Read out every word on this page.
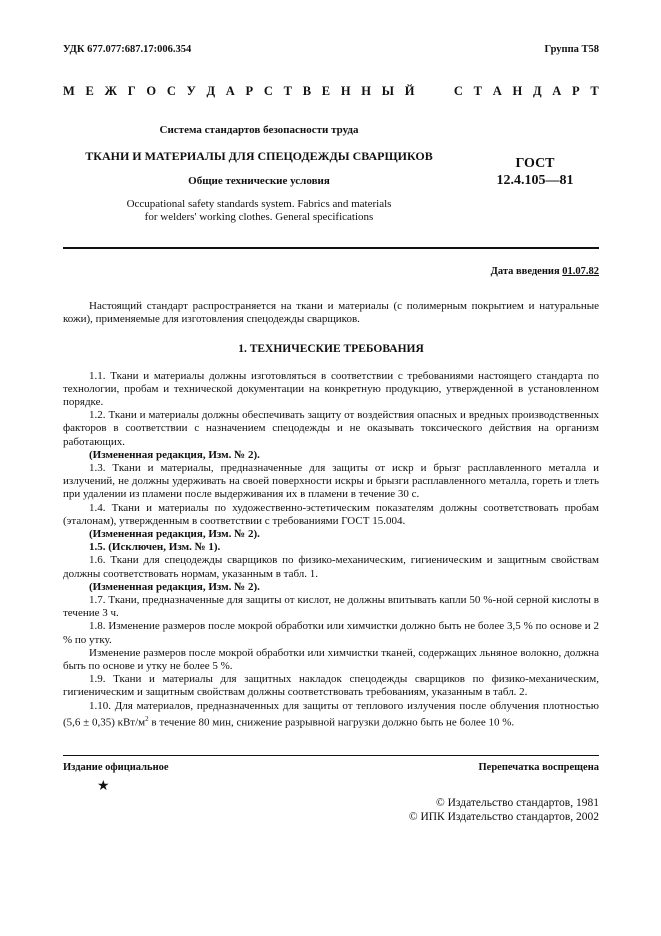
УДК 677.077:687.17:006.354	Группа Т58
М Е Ж Г О С У Д А Р С Т В Е Н Н Ы Й	С Т А Н Д А Р Т
Система стандартов безопасности труда
ТКАНИ И МАТЕРИАЛЫ ДЛЯ СПЕЦОДЕЖДЫ СВАРЩИКОВ
Общие технические условия
ГОСТ
12.4.105—81
Occupational safety standards system. Fabrics and materials
for welders' working clothes. General specifications
Дата введения 01.07.82

Настоящий стандарт распространяется на ткани и материалы (с полимерным покрытием и натуральные кожи), применяемые для изготовления спецодежды сварщиков.

1. ТЕХНИЧЕСКИЕ ТРЕБОВАНИЯ

1.1. Ткани и материалы должны изготовляться в соответствии с требованиями настоящего стандарта по технологии, пробам и технической документации на конкретную продукцию, утвержденной в установленном порядке.

1.2. Ткани и материалы должны обеспечивать защиту от воздействия опасных и вредных производственных факторов в соответствии с назначением спецодежды и не оказывать токсического действия на организм работающих.

(Измененная редакция, Изм. № 2).

1.3. Ткани и материалы, предназначенные для защиты от искр и брызг расплавленного металла и излучений, не должны удерживать на своей поверхности искры и брызги расплавленного металла, гореть и тлеть при удалении из пламени после выдерживания их в пламени в течение 30 с.

1.4. Ткани и материалы по художественно-эстетическим показателям должны соответствовать пробам (эталонам), утвержденным в соответствии с требованиями ГОСТ 15.004.

(Измененная редакция, Изм. № 2).

1.5. (Исключен, Изм. № 1).

1.6. Ткани для спецодежды сварщиков по физико-механическим, гигиеническим и защитным свойствам должны соответствовать нормам, указанным в табл. 1.

(Измененная редакция, Изм. № 2).

1.7. Ткани, предназначенные для защиты от кислот, не должны впитывать капли 50 %-ной серной кислоты в течение 3 ч.

1.8. Изменение размеров после мокрой обработки или химчистки должно быть не более 3,5 % по основе и 2 % по утку.

Изменение размеров после мокрой обработки или химчистки тканей, содержащих льняное волокно, должна быть по основе и утку не более 5 %.

1.9. Ткани и материалы для защитных накладок спецодежды сварщиков по физико-механическим, гигиеническим и защитным свойствам должны соответствовать требованиям, указанным в табл. 2.

1.10. Для материалов, предназначенных для защиты от теплового излучения после облучения плотностью (5,6 ± 0,35) кВт/$м^2$ в течение 80 мин, снижение разрывной нагрузки должно быть не более 10 %.

Издание официальное	Перепечатка воспрещена
★
© Издательство стандартов, 1981
© ИПК Издательство стандартов, 2002
